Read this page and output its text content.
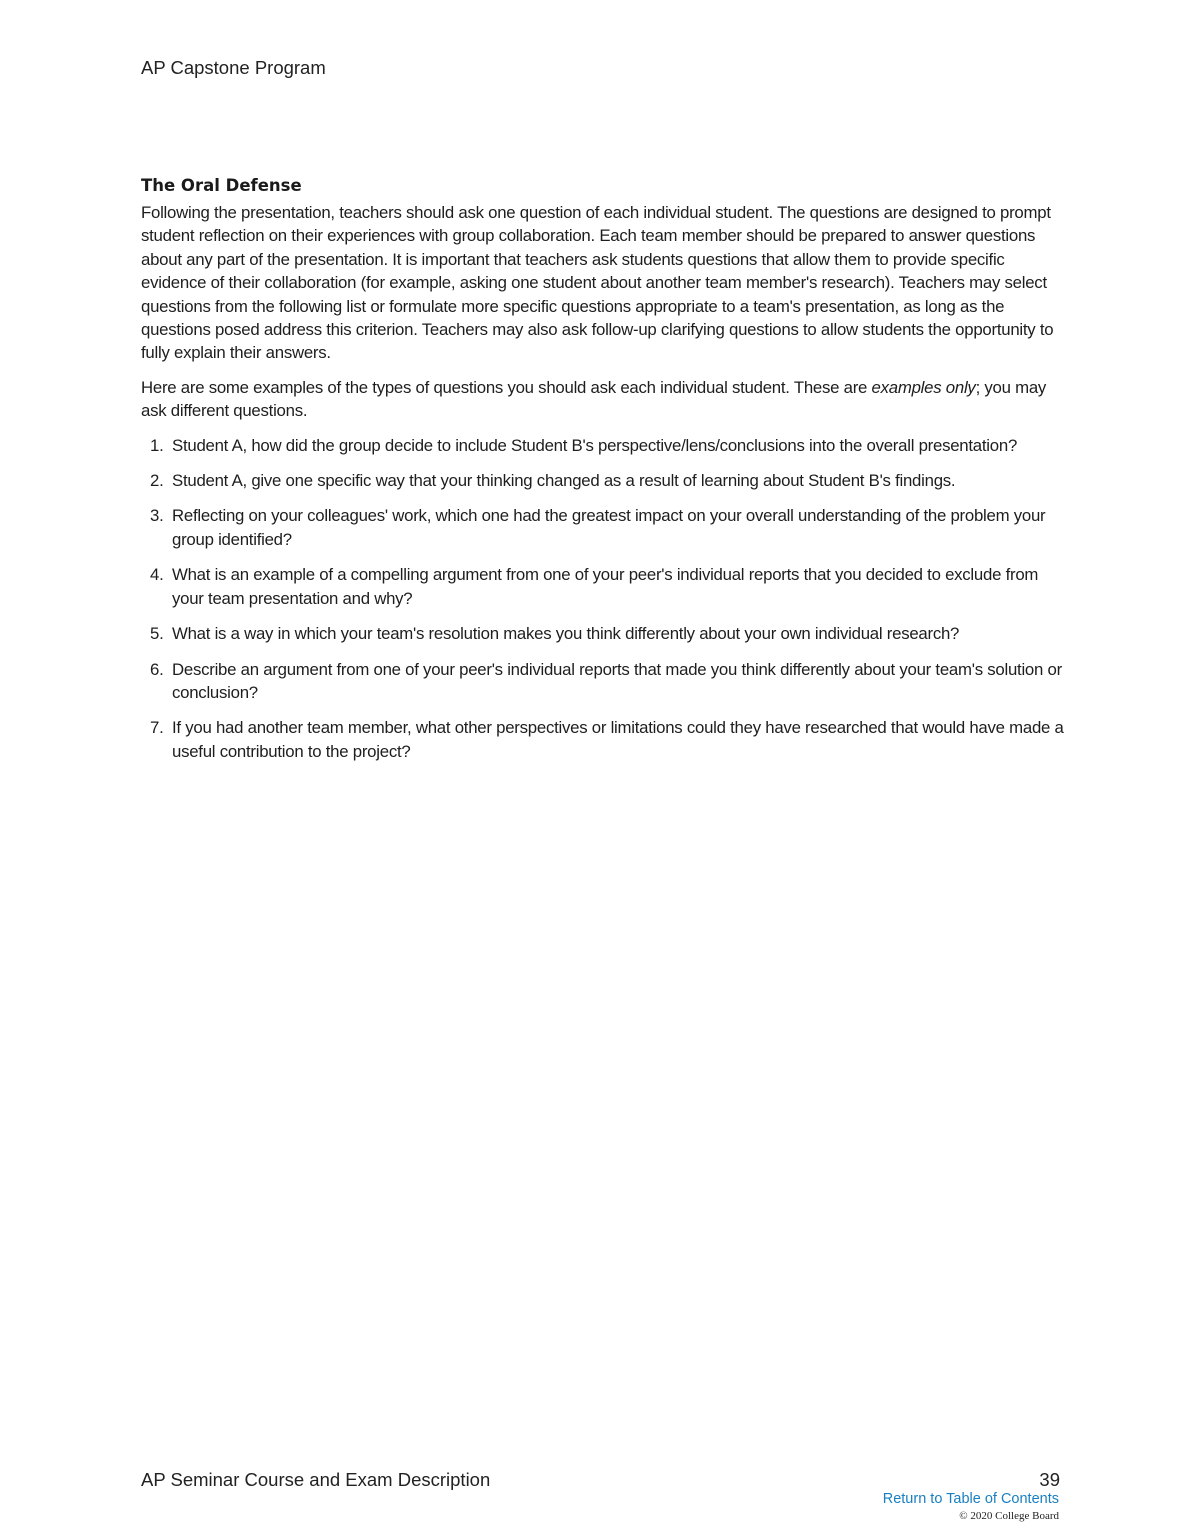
AP Capstone Program
The Oral Defense

Following the presentation, teachers should ask one question of each individual student. The questions are designed to prompt student reflection on their experiences with group collaboration. Each team member should be prepared to answer questions about any part of the presentation. It is important that teachers ask students questions that allow them to provide specific evidence of their collaboration (for example, asking one student about another team member's research). Teachers may select questions from the following list or formulate more specific questions appropriate to a team's presentation, as long as the questions posed address this criterion. Teachers may also ask follow-up clarifying questions to allow students the opportunity to fully explain their answers.

Here are some examples of the types of questions you should ask each individual student. These are examples only; you may ask different questions.

1. Student A, how did the group decide to include Student B's perspective/lens/conclusions into the overall presentation?
2. Student A, give one specific way that your thinking changed as a result of learning about Student B's findings.
3. Reflecting on your colleagues' work, which one had the greatest impact on your overall understanding of the problem your group identified?
4. What is an example of a compelling argument from one of your peer's individual reports that you decided to exclude from your team presentation and why?
5. What is a way in which your team's resolution makes you think differently about your own individual research?
6. Describe an argument from one of your peer's individual reports that made you think differently about your team's solution or conclusion?
7. If you had another team member, what other perspectives or limitations could they have researched that would have made a useful contribution to the project?
AP Seminar Course and Exam Description	39
Return to Table of Contents
© 2020 College Board
